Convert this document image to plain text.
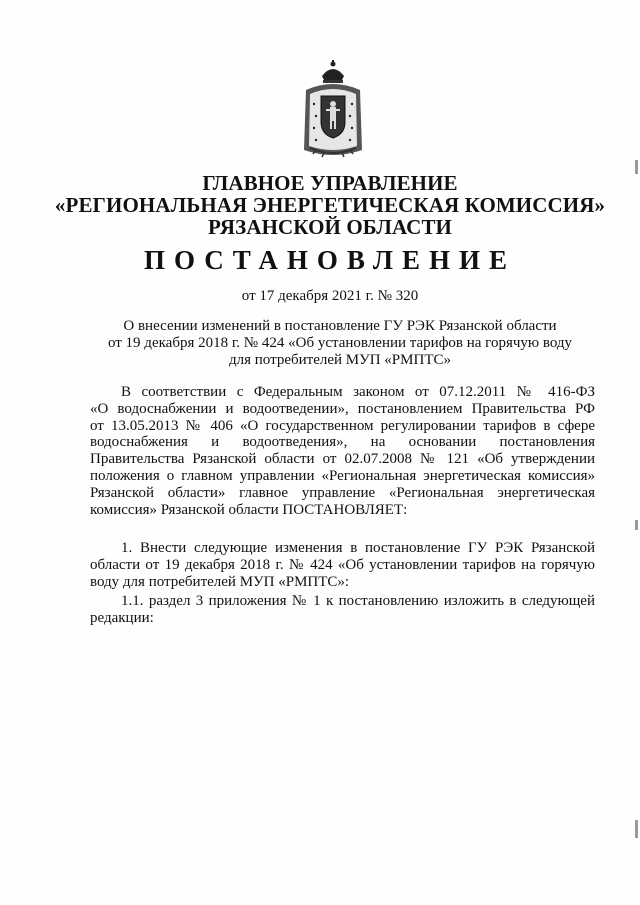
ГЛАВНОЕ УПРАВЛЕНИЕ
«РЕГИОНАЛЬНАЯ ЭНЕРГЕТИЧЕСКАЯ КОМИССИЯ»
РЯЗАНСКОЙ ОБЛАСТИ
ПОСТАНОВЛЕНИЕ
от 17 декабря 2021 г. № 320
О внесении изменений в постановление ГУ РЭК Рязанской области
от 19 декабря 2018 г. № 424 «Об установлении тарифов на горячую воду
для потребителей МУП «РМПТС»
В соответствии с Федеральным законом от 07.12.2011 № 416-ФЗ
«О водоснабжении и водоотведении», постановлением Правительства РФ
от 13.05.2013 № 406 «О государственном регулировании тарифов в сфере
водоснабжения и водоотведения», на основании постановления
Правительства Рязанской области от 02.07.2008 № 121 «Об утверждении
положения о главном управлении «Региональная энергетическая комиссия»
Рязанской области» главное управление «Региональная энергетическая
комиссия» Рязанской области ПОСТАНОВЛЯЕТ:
1. Внести следующие изменения в постановление ГУ РЭК Рязанской
области от 19 декабря 2018 г. № 424 «Об установлении тарифов на горячую
воду для потребителей МУП «РМПТС»:
1.1. раздел 3 приложения № 1 к постановлению изложить в следующей
редакции:
